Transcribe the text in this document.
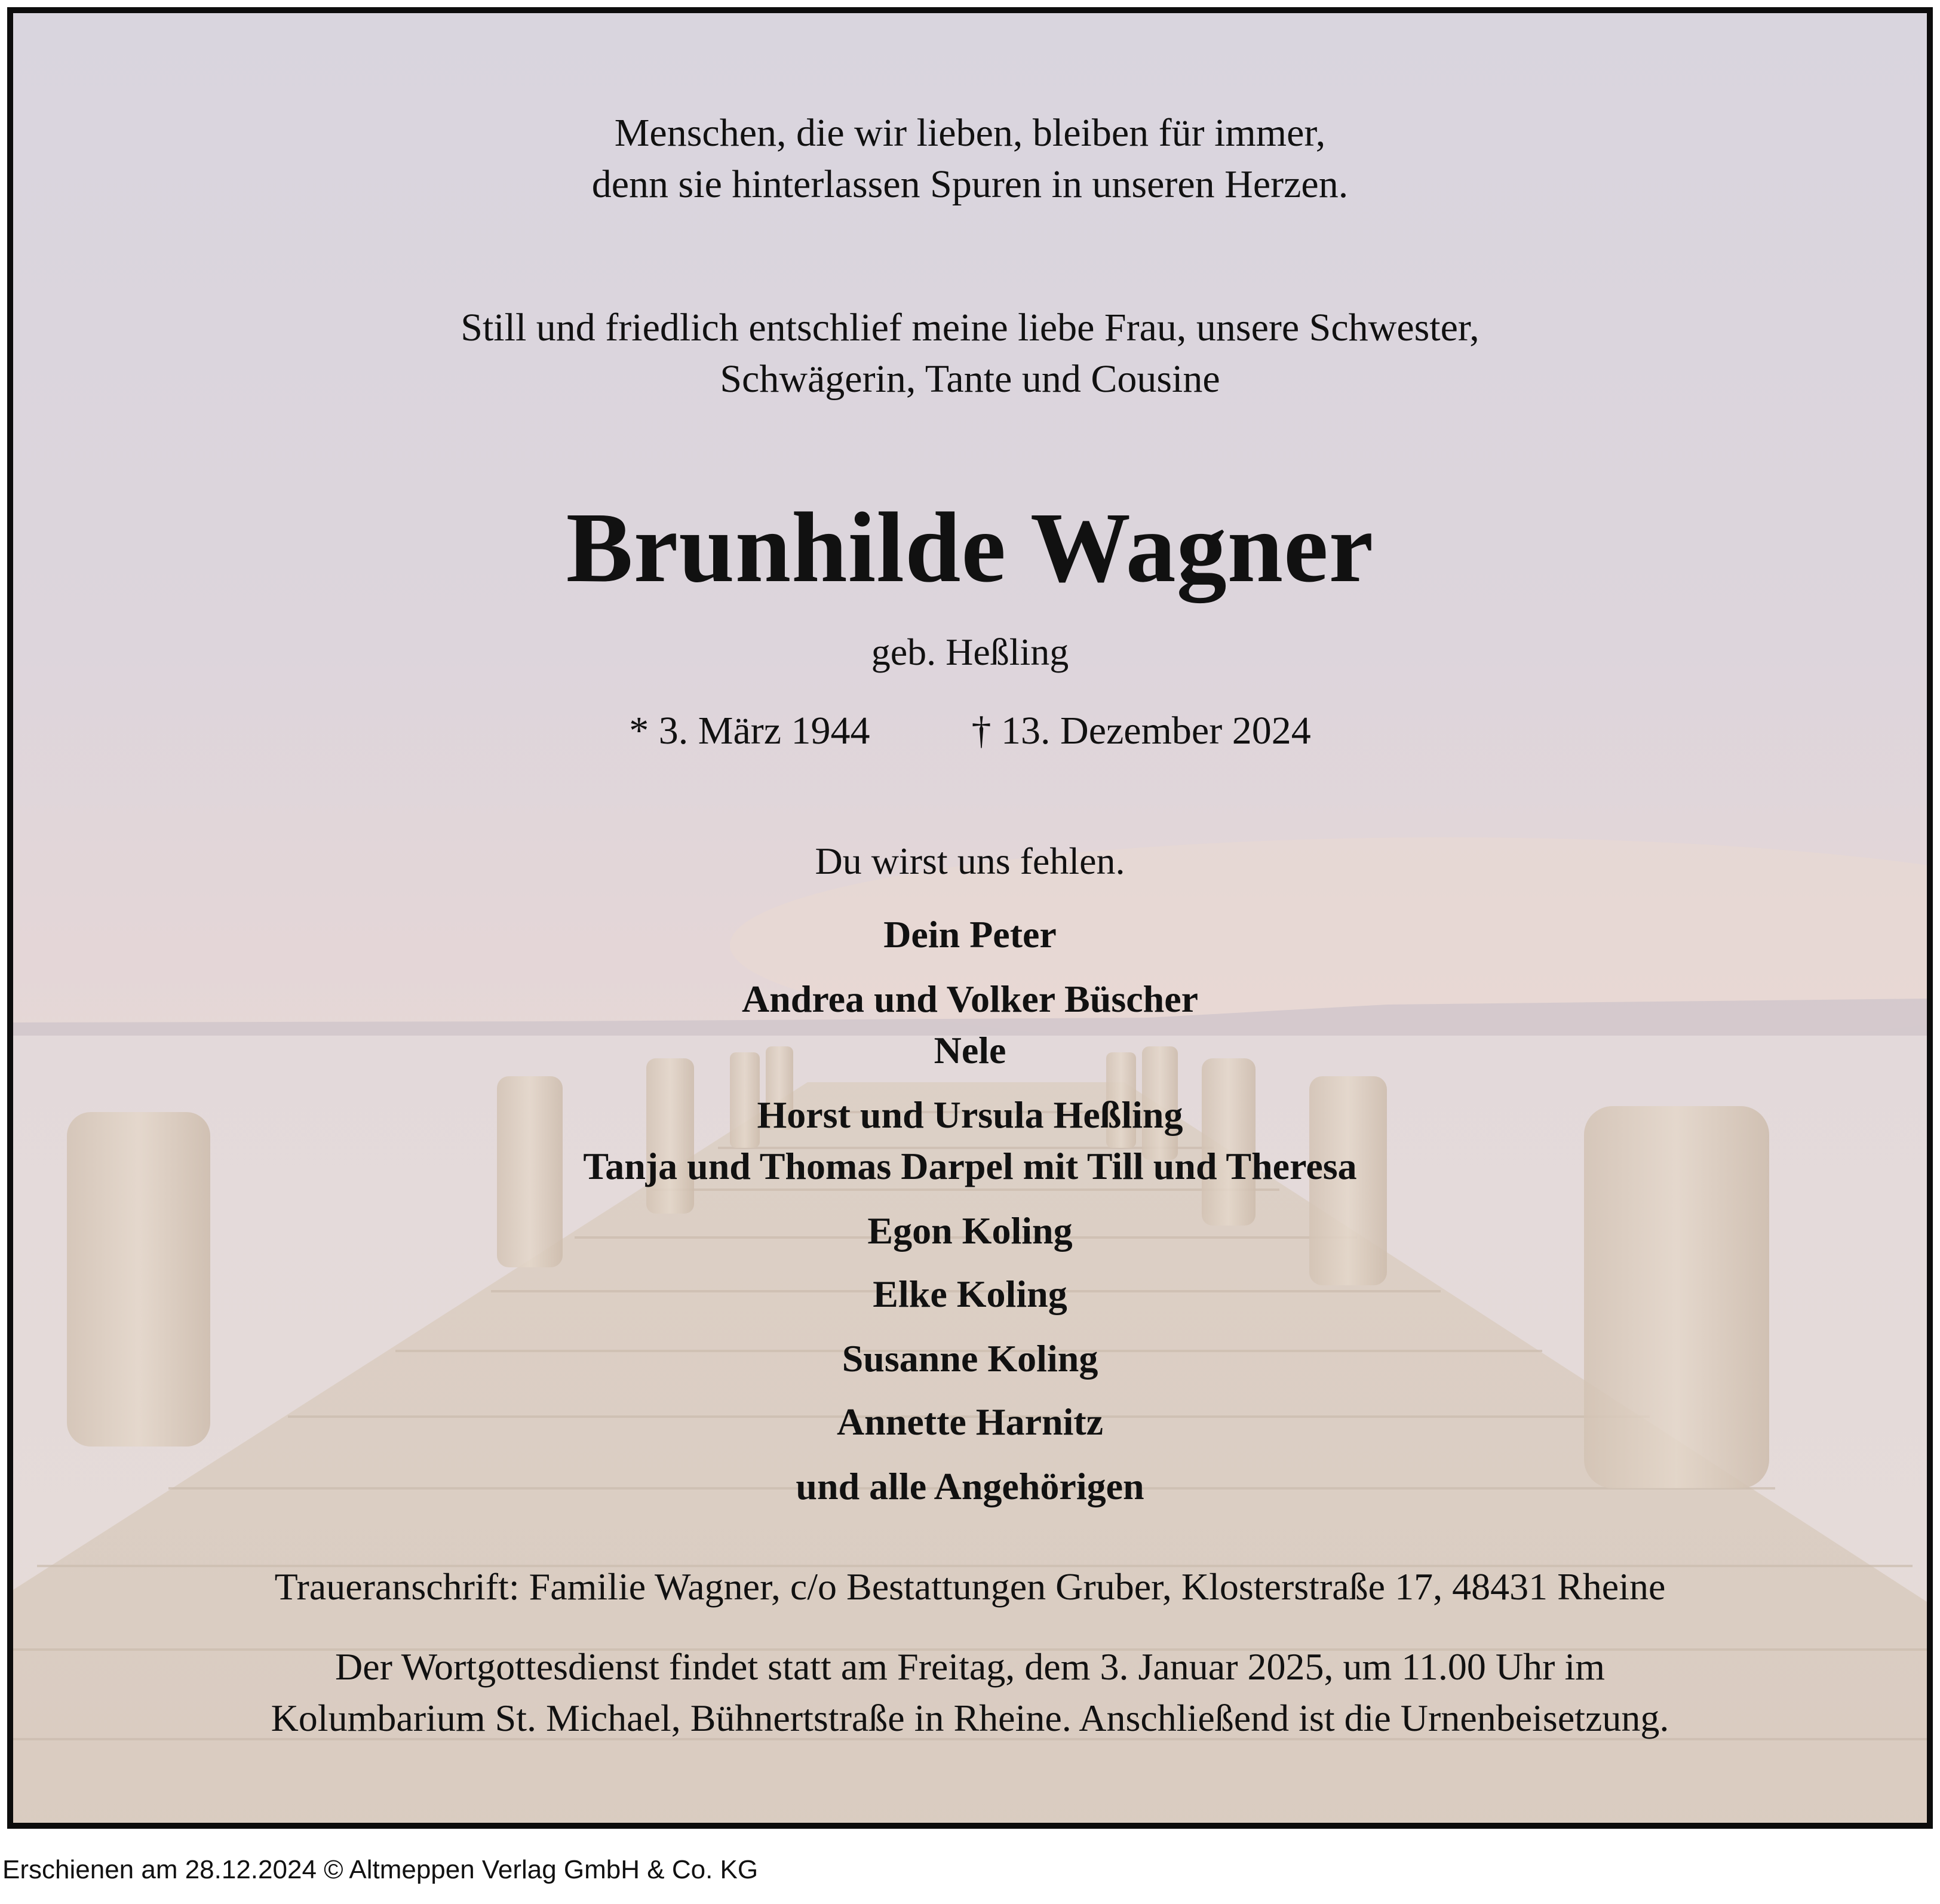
Menschen, die wir lieben, bleiben für immer,
denn sie hinterlassen Spuren in unseren Herzen.
Still und friedlich entschlief meine liebe Frau, unsere Schwester,
Schwägerin, Tante und Cousine
Brunhilde Wagner
geb. Heßling
* 3. März 1944	† 13. Dezember 2024
Du wirst uns fehlen.
Dein Peter
Andrea und Volker Büscher
Nele
Horst und Ursula Heßling
Tanja und Thomas Darpel mit Till und Theresa
Egon Koling
Elke Koling
Susanne Koling
Annette Harnitz
und alle Angehörigen
Traueranschrift: Familie Wagner, c/o Bestattungen Gruber, Klosterstraße 17, 48431 Rheine
Der Wortgottesdienst findet statt am Freitag, dem 3. Januar 2025, um 11.00 Uhr im
Kolumbarium St. Michael, Bühnertstraße in Rheine. Anschließend ist die Urnenbeisetzung.
Erschienen am 28.12.2024 © Altmeppen Verlag GmbH & Co. KG
